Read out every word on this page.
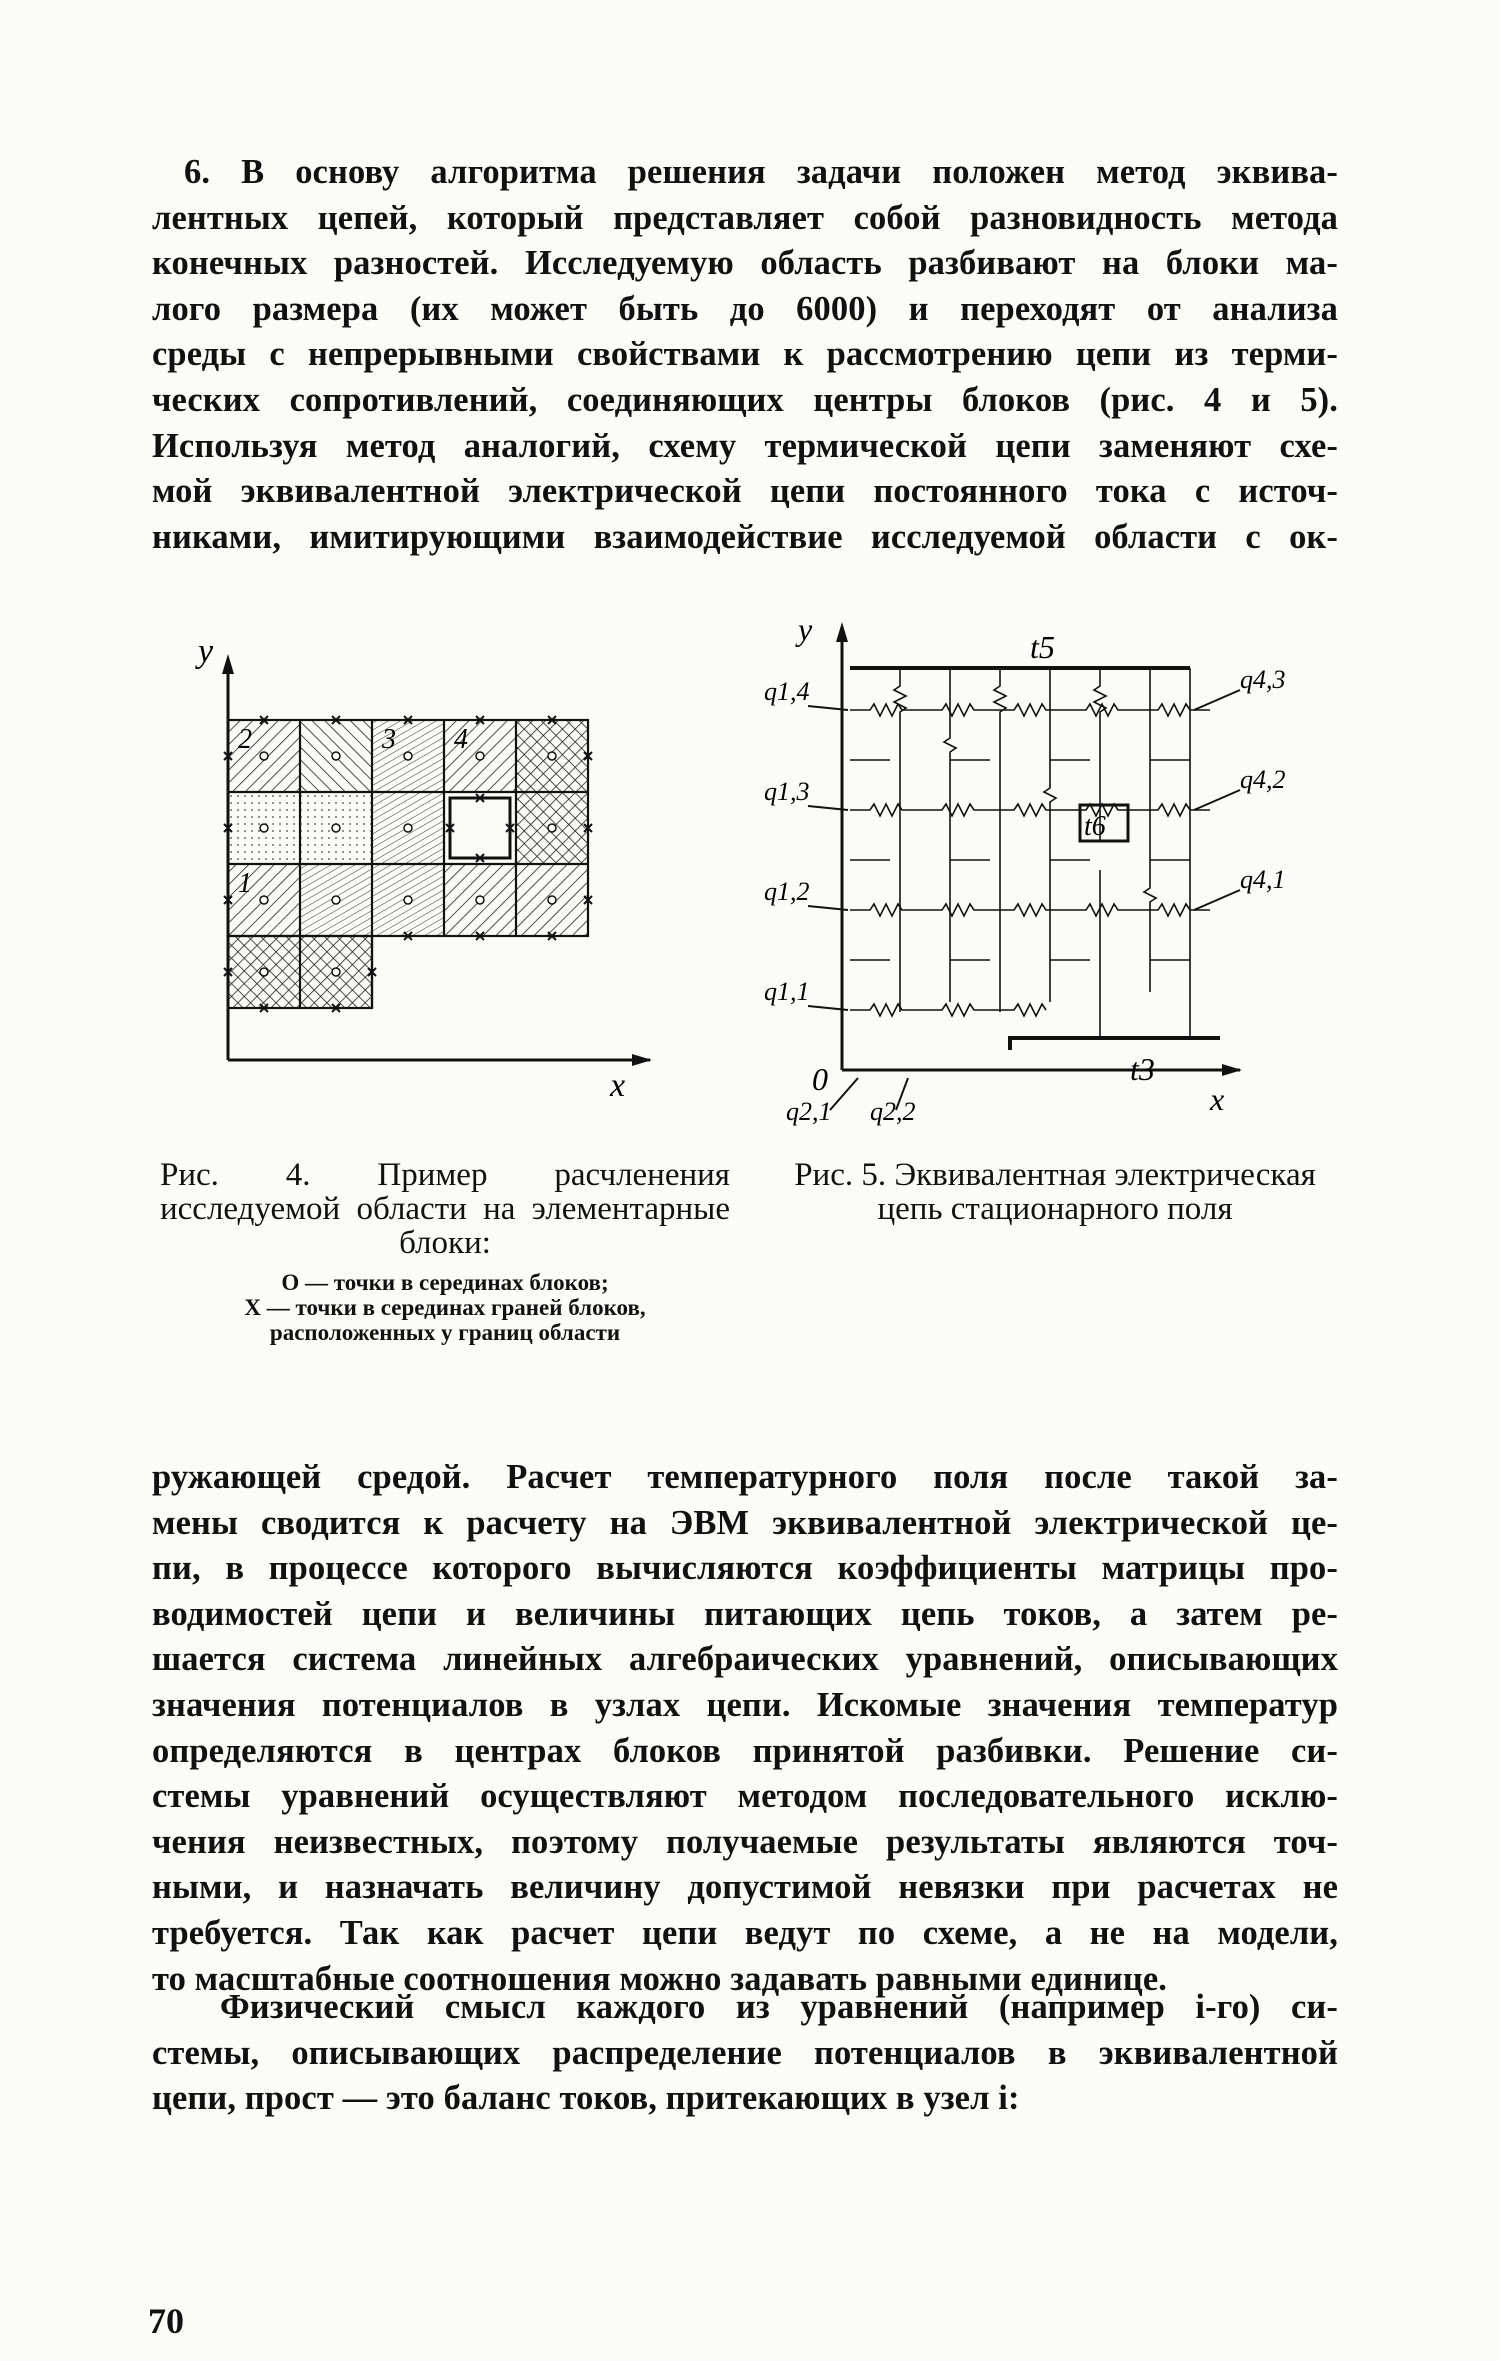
6. В основу алгоритма решения задачи положен метод эквива-
лентных цепей, который представляет собой разновидность метода
конечных разностей. Исследуемую область разбивают на блоки ма-
лого размера (их может быть до 6000) и переходят от анализа
среды с непрерывными свойствами к рассмотрению цепи из терми-
ческих сопротивлений, соединяющих центры блоков (рис. 4 и 5).
Используя метод аналогий, схему термической цепи заменяют схе-
мой эквивалентной электрической цепи постоянного тока с источ-
никами, имитирующими взаимодействие исследуемой области с ок-
y
x
2	3 4
1
y
x
0
t5
t3
t6
q1,4
q1,3
q1,2
q1,1
q4,3
q4,2
q4,1
q2,1 q2,2
Рис. 4. Пример расчленения исследуемой области на элементарные блоки:
О — точки в серединах блоков;
Х — точки в серединах граней блоков, расположенных у границ области
Рис. 5. Эквивалентная электрическая цепь стационарного поля
ружающей средой. Расчет температурного поля после такой за-
мены сводится к расчету на ЭВМ эквивалентной электрической це-
пи, в процессе которого вычисляются коэффициенты матрицы про-
водимостей цепи и величины питающих цепь токов, а затем ре-
шается система линейных алгебраических уравнений, описывающих
значения потенциалов в узлах цепи. Искомые значения температур
определяются в центрах блоков принятой разбивки. Решение си-
стемы уравнений осуществляют методом последовательного исклю-
чения неизвестных, поэтому получаемые результаты являются точ-
ными, и назначать величину допустимой невязки при расчетах не
требуется. Так как расчет цепи ведут по схеме, а не на модели,
то масштабные соотношения можно задавать равными единице.
Физический смысл каждого из уравнений (например i-го) си-
стемы, описывающих распределение потенциалов в эквивалентной
цепи, прост — это баланс токов, притекающих в узел i:
70
